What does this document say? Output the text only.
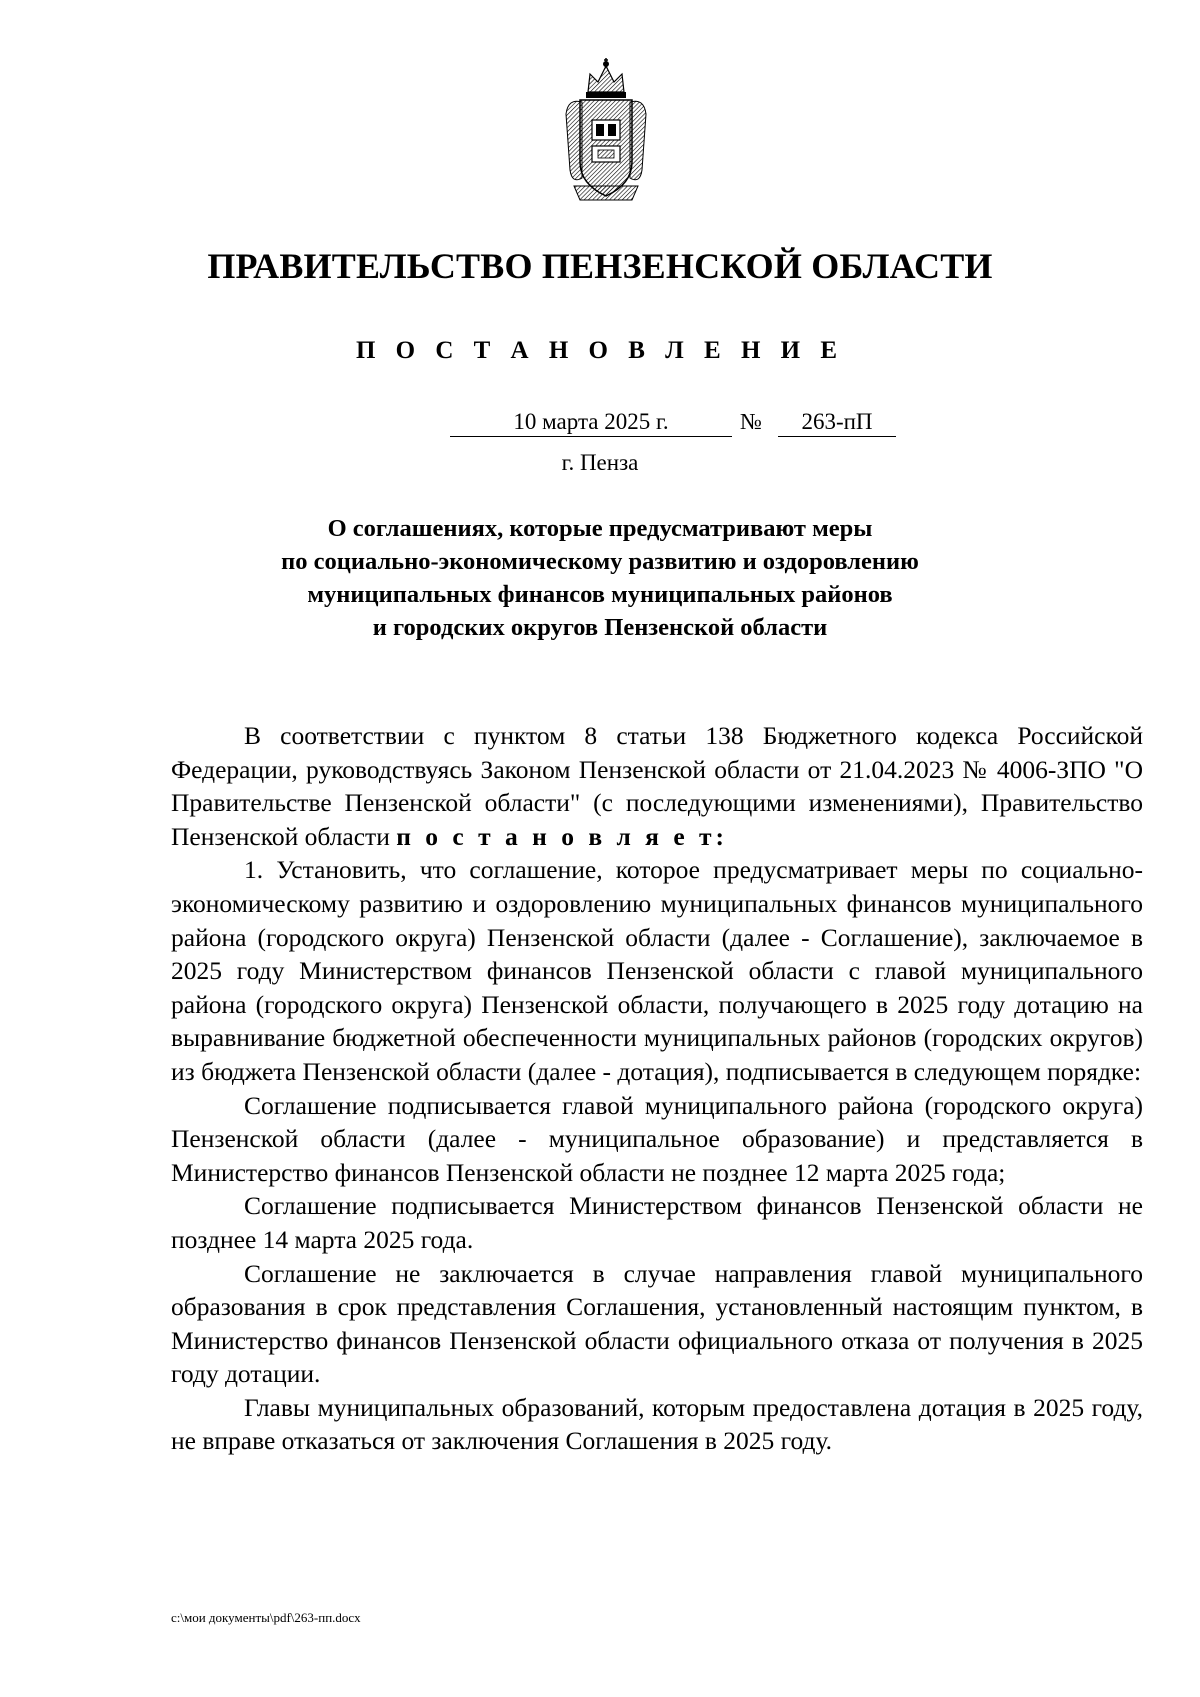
ПРАВИТЕЛЬСТВО ПЕНЗЕНСКОЙ ОБЛАСТИ
П О С Т А Н О В Л Е Н И Е
10 марта 2025 г.	№	263-пП
г. Пенза
О соглашениях, которые предусматривают меры
по социально-экономическому развитию и оздоровлению
муниципальных финансов муниципальных районов
и городских округов Пензенской области

В соответствии с пунктом 8 статьи 138 Бюджетного кодекса Российской Федерации, руководствуясь Законом Пензенской области от 21.04.2023 № 4006-ЗПО "О Правительстве Пензенской области" (с последующими изменениями), Правительство Пензенской области п о с т а н о в л я е т:

1. Установить, что соглашение, которое предусматривает меры по социально-экономическому развитию и оздоровлению муниципальных финансов муниципального района (городского округа) Пензенской области (далее - Соглашение), заключаемое в 2025 году Министерством финансов Пензенской области с главой муниципального района (городского округа) Пензенской области, получающего в 2025 году дотацию на выравнивание бюджетной обеспеченности муниципальных районов (городских округов) из бюджета Пензенской области (далее - дотация), подписывается в следующем порядке:

Соглашение подписывается главой муниципального района (городского округа) Пензенской области (далее - муниципальное образование) и представляется в Министерство финансов Пензенской области не позднее 12 марта 2025 года;

Соглашение подписывается Министерством финансов Пензенской области не позднее 14 марта 2025 года.

Соглашение не заключается в случае направления главой муниципального образования в срок представления Соглашения, установленный настоящим пунктом, в Министерство финансов Пензенской области официального отказа от получения в 2025 году дотации.

Главы муниципальных образований, которым предоставлена дотация в 2025 году, не вправе отказаться от заключения Соглашения в 2025 году.

c:\мои документы\pdf\263-пп.docx
